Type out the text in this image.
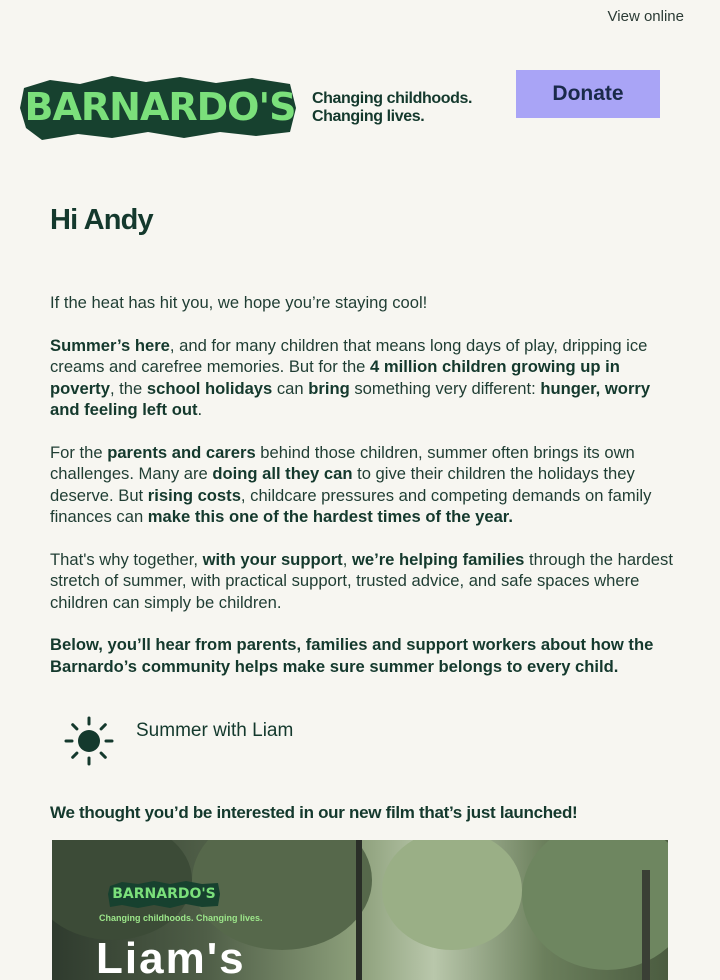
View online
BARNARDO'S Changing childhoods.
Changing lives.
Donate
Hi Andy

If the heat has hit you, we hope you’re staying cool!

Summer’s here, and for many children that means long days of play, dripping ice creams and carefree memories. But for the 4 million children growing up in poverty, the school holidays can bring something very different: hunger, worry and feeling left out.

For the parents and carers behind those children, summer often brings its own challenges. Many are doing all they can to give their children the holidays they deserve. But rising costs, childcare pressures and competing demands on family finances can make this one of the hardest times of the year.

That's why together, with your support, we’re helping families through the hardest stretch of summer, with practical support, trusted advice, and safe spaces where children can simply be children.

Below, you’ll hear from parents, families and support workers about how the Barnardo’s community helps make sure summer belongs to every child.

Summer with Liam

We thought you’d be interested in our new film that’s just launched!

BARNARDO'S
Changing childhoods. Changing lives.
Liam's
